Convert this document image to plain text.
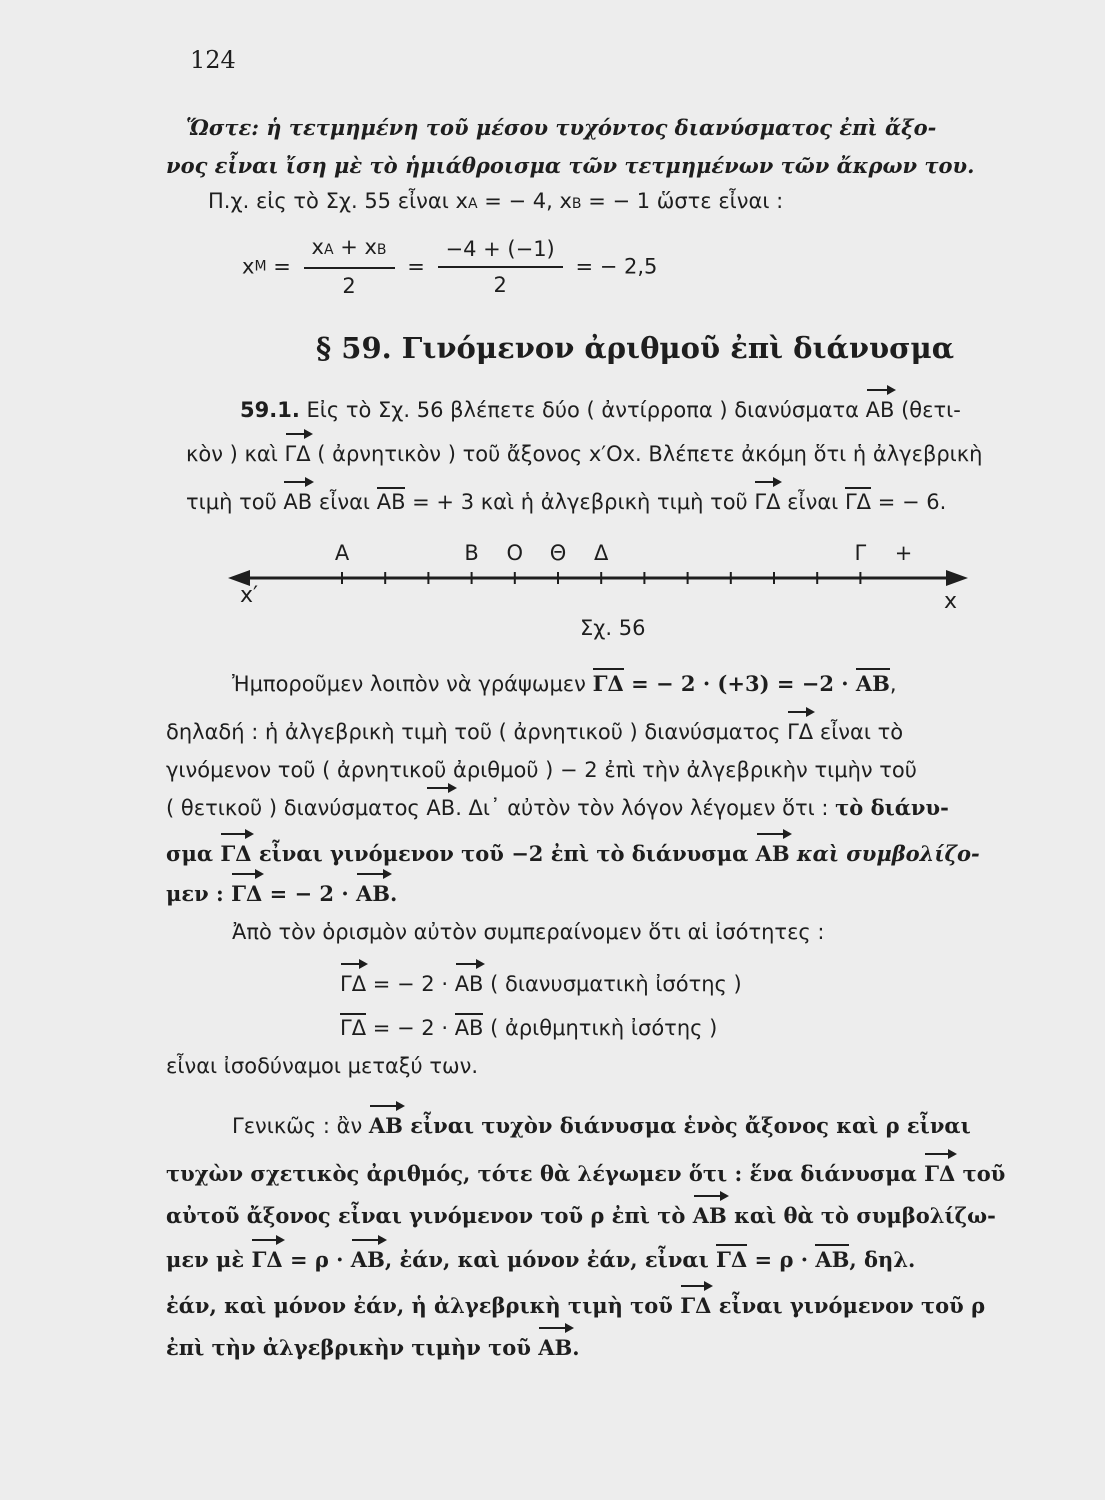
124
Ὥστε: ἡ τετμημένη τοῦ μέσου τυχόντος διανύσματος ἐπὶ ἄξο-
νος εἶναι ἴση μὲ τὸ ἡμιάθροισμα τῶν τετμημένων τῶν ἄκρων του.
Π.χ. εἰς τὸ Σχ. 55 εἶναι xA = − 4, xB = − 1 ὥστε εἶναι :
xM = $\frac{xA + xB}{2} = \frac{-4 + (-1)}{2}$ = − 2,5
§ 59. Γινόμενον ἀριθμοῦ ἐπὶ διάνυσμα
59.1. Εἰς τὸ Σχ. 56 βλέπετε δύο ( ἀντίρροπα ) διανύσματα AB (θετι-
κὸν ) καὶ ΓΔ ( ἀρνητικὸν ) τοῦ ἄξονος x′Ox. Βλέπετε ἀκόμη ὅτι ἡ ἀλγεβρικὴ
τιμὴ τοῦ AB εἶναι AB = + 3 καὶ ἡ ἀλγεβρικὴ τιμὴ τοῦ ΓΔ εἶναι ΓΔ = − 6.
A	B O Θ Δ	Γ +
x′	x
Σχ. 56
Ἠμποροῦμεν λοιπὸν νὰ γράψωμεν ΓΔ = − 2 · (+3) = −2 · AB,
δηλαδή : ἡ ἀλγεβρικὴ τιμὴ τοῦ ( ἀρνητικοῦ ) διανύσματος ΓΔ εἶναι τὸ
γινόμενον τοῦ ( ἀρνητικοῦ ἀριθμοῦ ) − 2 ἐπὶ τὴν ἀλγεβρικὴν τιμὴν τοῦ
( θετικοῦ ) διανύσματος AB. Δι᾽ αὐτὸν τὸν λόγον λέγομεν ὅτι : τὸ διάνυ-
σμα ΓΔ εἶναι γινόμενον τοῦ −2 ἐπὶ τὸ διάνυσμα AB καὶ συμβολίζο-
μεν : ΓΔ = − 2 · AB.
Ἀπὸ τὸν ὁρισμὸν αὐτὸν συμπεραίνομεν ὅτι αἱ ἰσότητες :
ΓΔ = − 2 · AB ( διανυσματικὴ ἰσότης )
ΓΔ = − 2 · AB ( ἀριθμητικὴ ἰσότης )
εἶναι ἰσοδύναμοι μεταξύ των.
Γενικῶς : ἂν AB εἶναι τυχὸν διάνυσμα ἑνὸς ἄξονος καὶ ρ εἶναι
τυχὼν σχετικὸς ἀριθμός, τότε θὰ λέγωμεν ὅτι : ἕνα διάνυσμα ΓΔ τοῦ
αὐτοῦ ἄξονος εἶναι γινόμενον τοῦ ρ ἐπὶ τὸ AB καὶ θὰ τὸ συμβολίζω-
μεν μὲ ΓΔ = ρ · AB, ἐάν, καὶ μόνον ἐάν, εἶναι ΓΔ = ρ · AB, δηλ.
ἐάν, καὶ μόνον ἐάν, ἡ ἀλγεβρικὴ τιμὴ τοῦ ΓΔ εἶναι γινόμενον τοῦ ρ
ἐπὶ τὴν ἀλγεβρικὴν τιμὴν τοῦ AB.
